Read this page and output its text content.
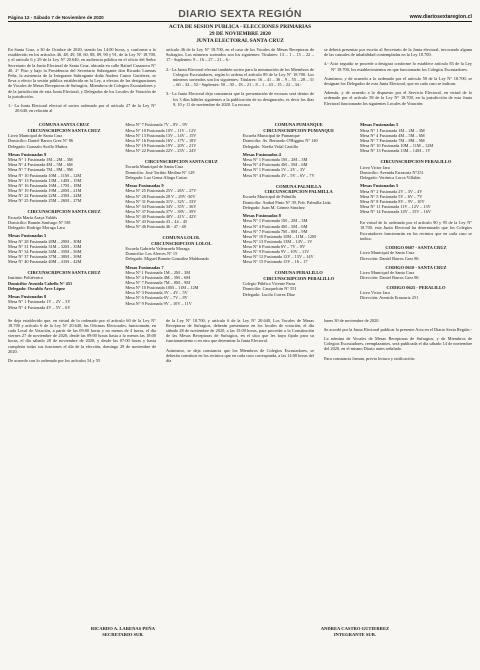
Página 12 - Sábado 7 de Noviembre de 2020	DIARIO SEXTA REGIÓN	www.diariosextaregion.cl
ACTA DE SESION PUBLICA - ELECCIONES PRIMARIAS
29 DE NOVIEMBRE 2020
JUNTA ELECTORAL SANTA CRUZ

En Santa Cruz, a 30 de Octubre de 2020, siendo las 14:00 horas, y conforme a lo establecido en los artículos 46, 48, 49, 58, 60, 88, 89, 90 y 91, de la Ley N° 18.700, y el artículo 6 y 29 de la Ley N° 20.640, en audiencia pública en el oficio del Señor Secretario de la Junta Electoral de Santa Cruz, ubicada en calle Rafael Casanova N° 40, 2° Piso y bajo la Presidencia del Secretario Subrogante don Ricardo Larenas Peña, la asistencia de la Integrante Subrogante doña Andrea Castro Gutiérrez, se lleva a efecto la sesión pública establecida en la Ley, a efectos de las designaciones de Vocales de Mesas Receptoras de Sufragios, Miembros de Colegios Escrutadores y de la jurisdicción de esta Junta Electoral, y Delegados de los Locales de Votación de la jurisdicción.

1.- La Junta Electoral efectuó el sorteo ordenado por el artículo 27 de la Ley N° 20.640, en relación al

artículo 46 de la Ley N° 18.700, en el caso de los Vocales de Mesas Receptoras de Sufragios. Los números sorteados son los siguientes: Titulares: 13 – 1 – 15 – 22 – 17.- Suplentes: 9 – 16 – 27 – 21 – 6.-

2.- La Junta Electoral efectuó también sorteo para la nominación de los Miembros de Colegios Escrutadores, según lo ordena el artículo 89 de la Ley N° 18.700. Los números sorteados son los siguientes: Titulares: 16 – 41 – 36 – 9 – 55 – 28 – 31 – 60 – 32 – 52.- Suplentes: 50 – 30 – 18 – 21 – 8 – 1 – 43 – 15 – 22 – 34.-

3.- La Junta Electoral deja constancia que la presentación de excusas será dentro de los 3 días hábiles siguientes a la publicación de su designación, es decir los días 9, 10 y 11 de noviembre de 2020. La excusa

se deberá presentar por escrito al Secretario de la Junta electoral, invocando alguna de las causales de inhabilidad contempladas en la Ley 18.700.

4.- Acto seguido se procede a designar conforme lo establece artículo 83 de la Ley N° 18.700, los establecimientos en que funcionarán los Colegios Escrutadores.

Asimismo, y de acuerdo a lo ordenado por el artículo 58 de la Ley N° 18.700, se designan los Delegados de esta Junta Electoral, que en cada caso se indican.

Además, y de acuerdo a lo dispuesto por el Servicio Electoral, en virtud de lo ordenado por el artículo 58 de la Ley N° 18.700, en la jurisdicción de esta Junta Electoral funcionarán los siguientes Locales de Votación:

COMUNA SANTA CRUZ
CIRCUNSCRIPCION SANTA CRUZ
Liceo Municipal de Santa Cruz
Domicilio: Daniel Barros Grez N° 86
Delegado: Gonzalo Avello Muñoz
Mesas Fusionadas 9
Mesa N° 1 Fusionada 1M – 2M – 3M
Mesa N° 4 Fusionada 4M – 5M – 6M
Mesa N° 7 Fusionada 7M – 8M – 9M
Mesa N° 10 Fusionada 10M – 11M – 12M
Mesa N° 13 Fusionada 13M – 14M – 15M
Mesa N° 16 Fusionada 16M – 17M – 18M
Mesa N° 19 Fusionada 19M – 20M – 21M
Mesa N° 22 Fusionada 22M – 23M – 24M
Mesa N° 25 Fusionada 25M – 26M – 27M
CIRCUNSCRIPCION SANTA CRUZ
Escuela María Araya Valdés
Domicilio: Ramón Sanfurgo N° 581
Delegado: Rodrigo Moraga Lara
Mesas Fusionadas 5
Mesa N° 28 Fusionada 28M – 29M – 30M
Mesa N° 31 Fusionada 31M – 32M – 33M
Mesa N° 34 Fusionada 34M – 35M – 36M
Mesa N° 37 Fusionada 37M – 38M – 39M
Mesa N° 40 Fusionada 40M – 41M – 42M
CIRCUNSCRIPCION SANTA CRUZ
Instituto Politécnico
Domicilio: Avenida Cabello N° 451
Delegado: Osvaldo Arce López
Mesas Fusionadas 8
Mesa N° 1 Fusionada 1V – 2V – 3V
Mesa N° 4 Fusionada 4V – 5V – 6V
Mesa N° 7 Fusionada 7V – 8V – 9V
Mesa N° 10 Fusionada 10V – 11V – 12V
Mesa N° 13 Fusionada 13V – 14V – 15V
Mesa N° 16 Fusionada 16V – 17V – 18V
Mesa N° 19 Fusionada 19V – 20V – 21V
Mesa N° 22 Fusionada 22V – 23V – 24V
CIRCUNSCRIPCION SANTA CRUZ
Escuela Municipal de Santa Cruz
Domicilio: José Toribio Medina N° 129
Delegado: Luz Gema Aliaga Castro
Mesas Fusionadas 9
Mesa N° 25 Fusionada 25V – 26V – 27V
Mesa N° 28 Fusionada 28 V – 29V -30V
Mesa N° 31 Fusionada 31V – 32V – 33V
Mesa N° 34 Fusionada 34V – 35V – 36V
Mesa N° 37 Fusionada 37V – 38V – 39V
Mesa N° 40 Fusionada 40V – 41V – 42V
Mesa N° 43 Fusionada 43 – 44 – 45
Mesa N° 46 Fusionada 46 - 47 - 48
COMUNA LOLOL
CIRCUNSCRIPCION LOLOL
Escuela Gabriela Valenzuela Moraga
Domicilio: Los Alerces N° 15
Delegado: Miguel Ramón González Maldonado
Mesas Fusionadas 7
Mesa N° 1 Fusionada 1M – 2M – 3M
Mesa N° 4 Fusionada 4M – 5M – 6M
Mesa N° 7 Fusionada 7M – 8M – 9M
Mesa N° 10 Fusionada 10M – 11M – 12M
Mesa N° 3 Fusionada 3V – 4V – 5V
Mesa N° 6 Fusionada 6V – 7V – 8V
Mesa N° 9 Fusionada 9V – 10V – 11V
COMUNA PUMANQUE
CIRCUNSCRIPCION PUMANQUE
Escuela Municipal de Pumanque
Domicilio: Av. Bernardo O'Higgins N° 140
Delegado: Noelia Vidal Castillo
Mesas Fusionadas 4
Mesa N° 1 Fusionada 1M – 2M – 3M
Mesa N° 4 Fusionada 4M – 5M – 6M
Mesa N° 1 Fusionada 1V – 2V – 3V
Mesa N° 4 Fusionada 4V – 5V – 6V – 7V
COMUNA PALMILLA
CIRCUNSCRIPCION PALMILLA
Escuela Municipal de Palmilla
Domicilio: Anibal Pinto N° 39, Pob. Palmilla Lida.
Delegado: Juan M. Gómez Sánchez
Mesas Fusionadas 8
Mesa N° 1 Fusionada 1M – 2M – 3M
Mesa N° 4 Fusionada 4M – 5M – 6M
Mesa N° 7 Fusionada 7M – 8M – 9M
Mesa N° 10 Fusionada 10M – 11M – 12M
Mesa N° 13 Fusionada 13M – 14V – 1V
Mesa N° 6 Fusionada 6V – 7V – 8V
Mesa N° 9 Fusionada 9V – 10V – 11V
Mesa N° 12 Fusionada 12V – 13V – 14V
Mesa N° 15 Fusionada 15V – 16 – 17
COMUNA PERALILLO
CIRCUNSCRIPCION PERALILLO
Colegio Público Vicente Parra
Domicilio: Cauquelcán N° 551
Delegado: Lucila Correa Díaz
Mesas Fusionadas 5
Mesa N° 1 Fusionada 1M – 2M – 3M
Mesa N° 4 Fusionada 4M – 5M – 6M
Mesa N° 7 Fusionada 7M – 8M – 9M
Mesa N° 10 Fusionada 10M – 11M – 12M
Mesa N° 13 Fusionada 13M – 14M – 1V
CIRCUNSCRIPCION PERALILLO
Liceo Victor Jara
Domicilio: Avenida Errazuriz N°251
Delegado: Verónica Lorca Villalón
Mesas Fusionadas 5
Mesa N° 2 Fusionada 2V – 3V – 4V
Mesa N° 5 Fusionada 5V – 6V – 7V
Mesa N° 8 Fusionada 8V – 9V – 10V
Mesa N° 11 Fusionada 11V – 12V – 13V
Mesa N° 14 Fusionada 14V – 15V – 16V

En virtud de lo ordenado por el artículo 90 y 95 de la Ley N° 18.700, esta Junta Electoral ha determinado que los Colegios Escrutadores funcionarán en los recintos que en cada caso se indica:

CODIGO 0607 - SANTA CRUZ
Liceo Municipal de Santa Cruz
Dirección: Daniel Barros Grez 86
CODIGO 0610 - SANTA CRUZ
Liceo Municipal de Santa Cruz
Dirección: Daniel Barros Grez 86
CODIGO 0625 - PERALILLO
Liceo Victor Jara
Dirección: Avenida Errazuriz 251

Se deja establecido que, en virtud de lo ordenado por el artículo 60 de la Ley N° 18.700 y artículo 6 de la Ley N° 20.640, las Oficinas Electorales, funcionarán, en cada Local de Votación, a partir de las 09:00 horas y no menos de 4 horas, el día viernes 27 de noviembre de 2020, desde las 09:00 horas hasta a lo menos las 18:00 horas, el día sábado 28 de noviembre de 2020, y desde las 07:00 horas y hasta completar todas sus funciones el día de la elección, domingo 29 de noviembre de 2020.

De acuerdo con lo ordenado por los artículos 54 y 55

de la Ley N° 18.700, y artículo 6 de la Ley N° 20.640, Los Vocales de Mesas Receptoras de Sufragios, deberán presentarse en los locales de votación, el día sábado 28 de noviembre de 2020, a las 15:00 horas, para proceder a la Constitución de las Mesas Receptoras de Sufragios, en el sitio que les haya fijado para su funcionamiento o en otro que determine la Junta Electoral.

Asimismo, se deja constancia que los Miembros de Colegios Escrutadores, se deberán constituir en los recintos que en cada caso corresponda, a las 14:00 horas del día

lunes 30 de noviembre de 2020.

Se acordó por la Junta Electoral publicar la presente Acta en el Diario Sexta Región.-

La nómina de Vocales de Mesas Receptoras de Sufragios, y de Miembros de Colegios Escrutadores, reemplazantes, será publicada el día sábado 14 de noviembre del 2020, en el mismo Diario antes señalado.

Para constancia firman, previa lectura y ratificación:

RICARDO A. LARENAS PEÑA
SECRETARIO SUB.
ANDREA CASTRO GUTIERREZ
INTEGRANTE SUB.
